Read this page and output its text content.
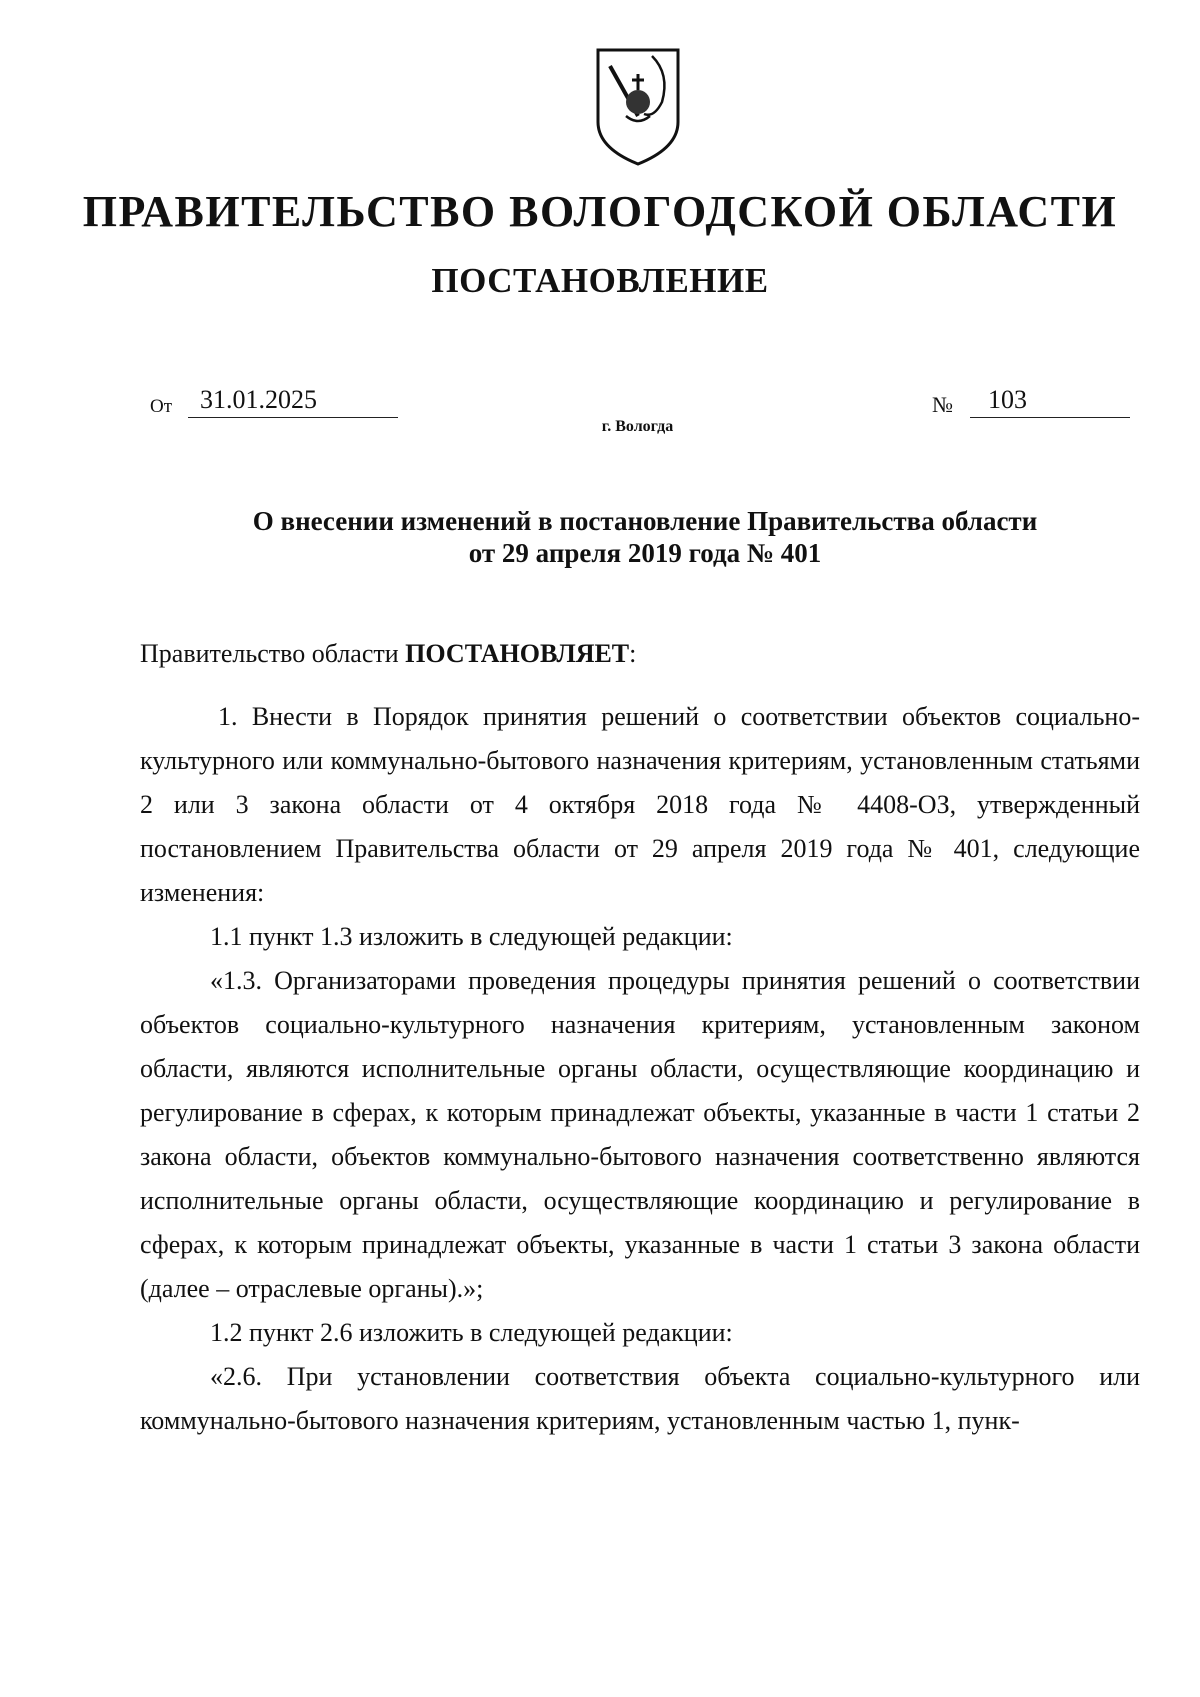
ПРАВИТЕЛЬСТВО ВОЛОГОДСКОЙ ОБЛАСТИ
ПОСТАНОВЛЕНИЕ
От	31.01.2025	№	103
г. Вологда
О внесении изменений в постановление Правительства области
от 29 апреля 2019 года № 401
Правительство области ПОСТАНОВЛЯЕТ:

1. Внести в Порядок принятия решений о соответствии объектов социально-культурного или коммунально-бытового назначения критериям, установленным статьями 2 или 3 закона области от 4 октября 2018 года № 4408-ОЗ, утвержденный постановлением Правительства области от 29 апреля 2019 года № 401, следующие изменения:

1.1 пункт 1.3 изложить в следующей редакции:

«1.3. Организаторами проведения процедуры принятия решений о соответствии объектов социально-культурного назначения критериям, установленным законом области, являются исполнительные органы области, осуществляющие координацию и регулирование в сферах, к которым принадлежат объекты, указанные в части 1 статьи 2 закона области, объектов коммунально-бытового назначения соответственно являются исполнительные органы области, осуществляющие координацию и регулирование в сферах, к которым принадлежат объекты, указанные в части 1 статьи 3 закона области (далее – отраслевые органы).»;

1.2 пункт 2.6 изложить в следующей редакции:

«2.6. При установлении соответствия объекта социально-культурного или коммунально-бытового назначения критериям, установленным частью 1, пунк-
